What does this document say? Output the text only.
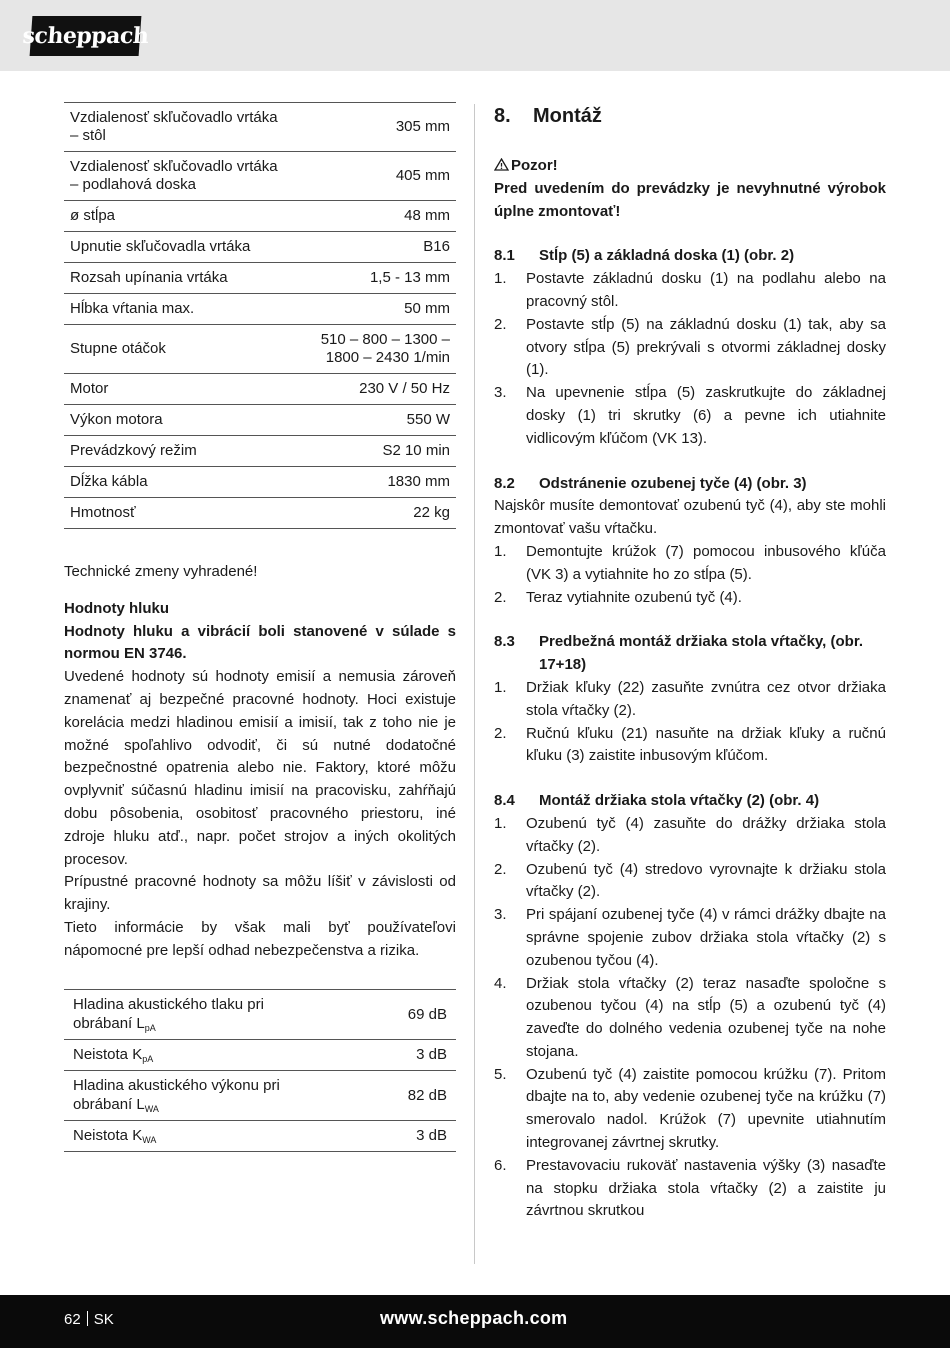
scheppach
Vzdialenosť skľučovadlo vrtáka – stôl	305 mm
Vzdialenosť skľučovadlo vrtáka – podlahová doska	405 mm
ø stĺpa	48 mm
Upnutie skľučovadla vrtáka	B16
Rozsah upínania vrtáka	1,5 - 13 mm
Hĺbka vŕtania max.	50 mm
Stupne otáčok	510 – 800 – 1300 – 1800 – 2430 1/min
Motor	230 V / 50 Hz
Výkon motora	550 W
Prevádzkový režim	S2 10 min
Dĺžka kábla	1830 mm
Hmotnosť	22 kg
Technické zmeny vyhradené!
Hodnoty hluku
Hodnoty hluku a vibrácií boli stanovené v súlade s normou EN 3746.
Uvedené hodnoty sú hodnoty emisií a nemusia zároveň znamenať aj bezpečné pracovné hodnoty. Hoci existuje korelácia medzi hladinou emisií a imisií, tak z toho nie je možné spoľahlivo odvodiť, či sú nutné dodatočné bezpečnostné opatrenia alebo nie. Faktory, ktoré môžu ovplyvniť súčasnú hladinu imisií na pracovisku, zahŕňajú dobu pôsobenia, osobitosť pracovného priestoru, iné zdroje hluku atď., napr. počet strojov a iných okolitých procesov.
Prípustné pracovné hodnoty sa môžu líšiť v závislosti od krajiny.
Tieto informácie by však mali byť používateľovi nápomocné pre lepší odhad nebezpečenstva a rizika.
Hladina akustického tlaku pri obrábaní $L_{pA}$	69 dB
Neistota $K_{pA}$	3 dB
Hladina akustického výkonu pri obrábaní $L_{WA}$	82 dB
Neistota $K_{WA}$	3 dB
8.	Montáž
Pozor!
Pred uvedením do prevádzky je nevyhnutné výrobok úplne zmontovať!
8.1	Stĺp (5) a základná doska (1) (obr. 2)
1.	Postavte základnú dosku (1) na podlahu alebo na pracovný stôl.
2.	Postavte stĺp (5) na základnú dosku (1) tak, aby sa otvory stĺpa (5) prekrývali s otvormi základnej dosky (1).
3.	Na upevnenie stĺpa (5) zaskrutkujte do základnej dosky (1) tri skrutky (6) a pevne ich utiahnite vidlicovým kľúčom (VK 13).
8.2	Odstránenie ozubenej tyče (4) (obr. 3)
Najskôr musíte demontovať ozubenú tyč (4), aby ste mohli zmontovať vašu vŕtačku.
1.	Demontujte krúžok (7) pomocou inbusového kľúča (VK 3) a vytiahnite ho zo stĺpa (5).
2.	Teraz vytiahnite ozubenú tyč (4).
8.3	Predbežná montáž držiaka stola vŕtačky, (obr. 17+18)
1.	Držiak kľuky (22) zasuňte zvnútra cez otvor držiaka stola vŕtačky (2).
2.	Ručnú kľuku (21) nasuňte na držiak kľuky a ručnú kľuku (3) zaistite inbusovým kľúčom.
8.4	Montáž držiaka stola vŕtačky (2) (obr. 4)
1.	Ozubenú tyč (4) zasuňte do drážky držiaka stola vŕtačky (2).
2.	Ozubenú tyč (4) stredovo vyrovnajte k držiaku stola vŕtačky (2).
3.	Pri spájaní ozubenej tyče (4) v rámci drážky dbajte na správne spojenie zubov držiaka stola vŕtačky (2) s ozubenou tyčou (4).
4.	Držiak stola vŕtačky (2) teraz nasaďte spoločne s ozubenou tyčou (4) na stĺp (5) a ozubenú tyč (4) zaveďte do dolného vedenia ozubenej tyče na nohe stojana.
5.	Ozubenú tyč (4) zaistite pomocou krúžku (7). Pritom dbajte na to, aby vedenie ozubenej tyče na krúžku (7) smerovalo nadol. Krúžok (7) upevnite utiahnutím integrovanej závrtnej skrutky.
6.	Prestavovaciu rukoväť nastavenia výšky (3) nasaďte na stopku držiaka stola vŕtačky (2) a zaistite ju závrtnou skrutkou
62 SK	www.scheppach.com
